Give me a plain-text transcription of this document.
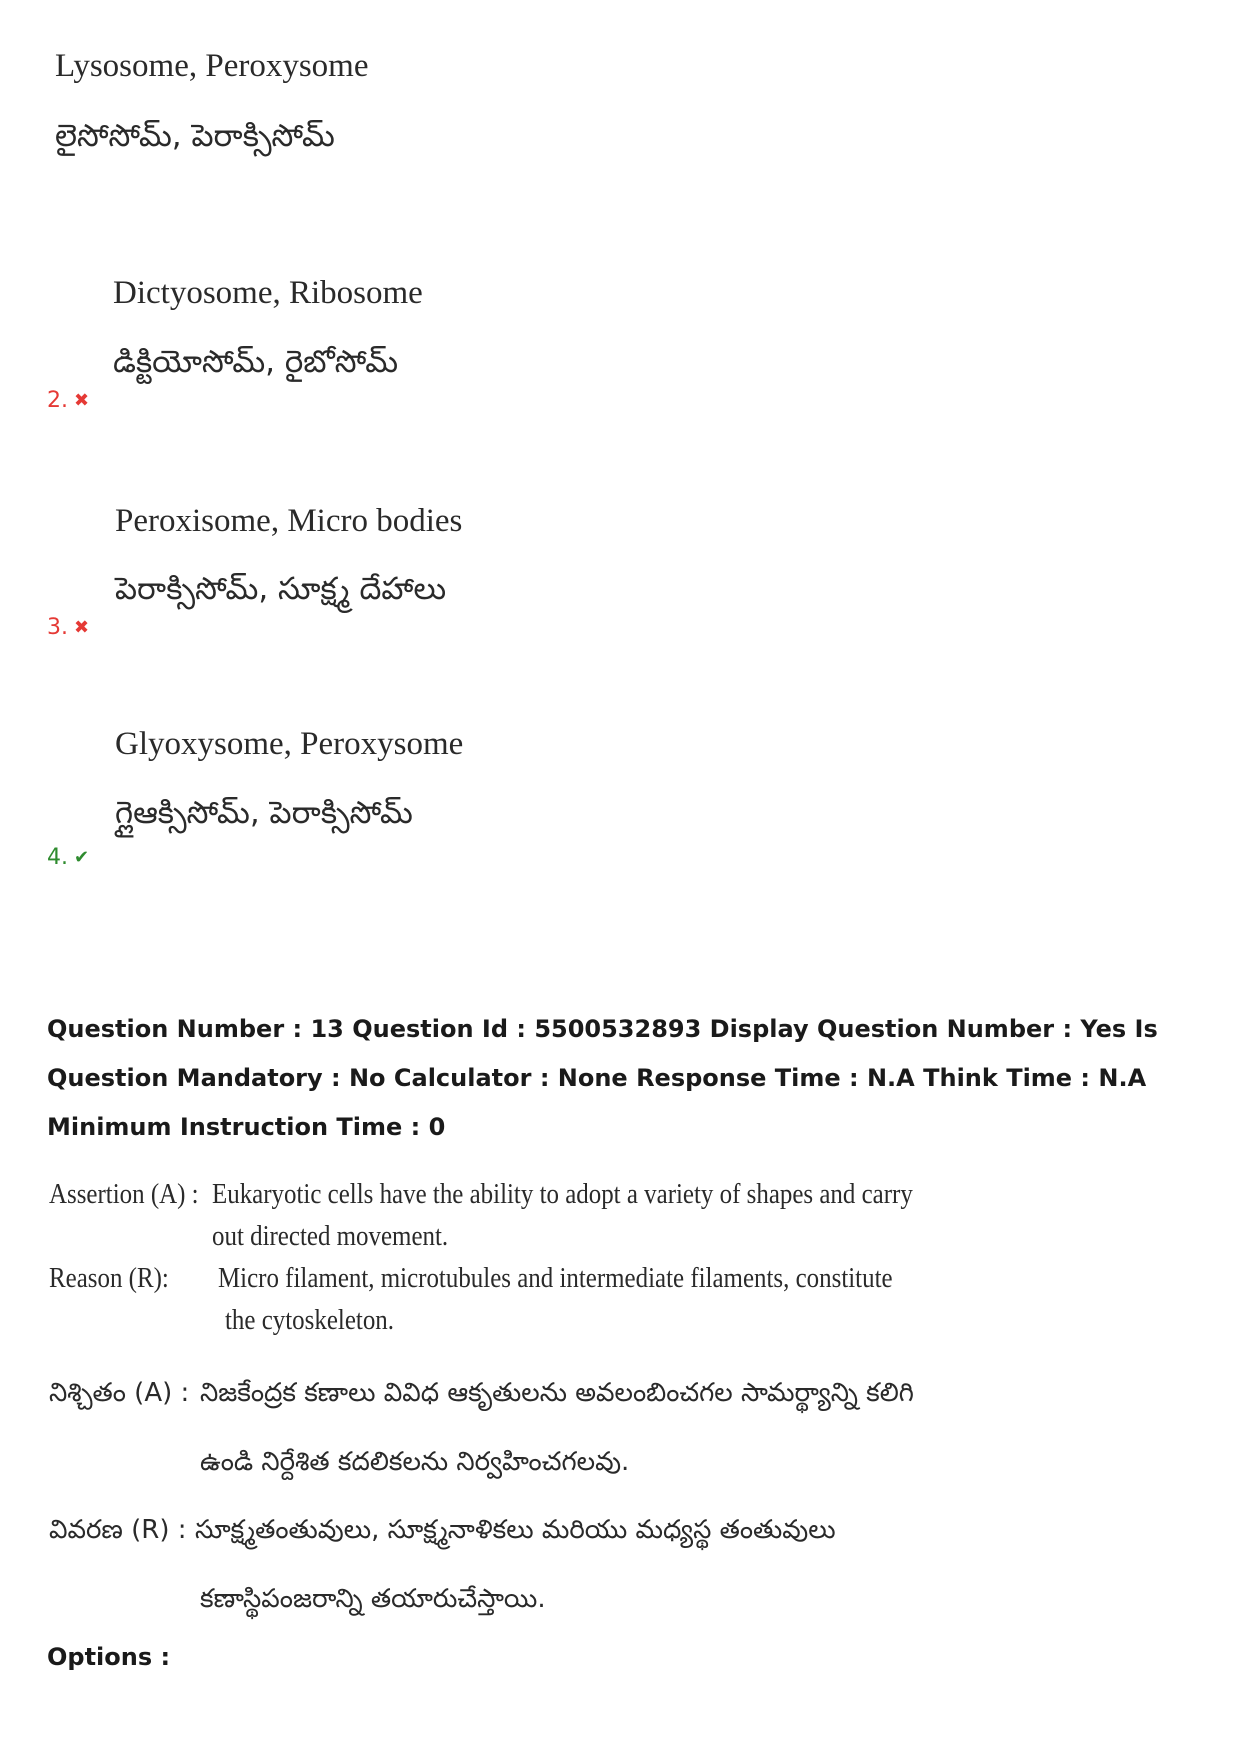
Lysosome, Peroxysome
లైసోసోమ్, పెరాక్సిసోమ్
Dictyosome, Ribosome
డిక్టియోసోమ్, రైబోసోమ్
2. ✖
Peroxisome, Micro bodies
పెరాక్సిసోమ్, సూక్ష్మ దేహాలు
3. ✖
Glyoxysome, Peroxysome
గ్లైఆక్సిసోమ్, పెరాక్సిసోమ్
4. ✔
Question Number : 13 Question Id : 5500532893 Display Question Number : Yes Is Question Mandatory : No Calculator : None Response Time : N.A Think Time : N.A Minimum Instruction Time : 0
Assertion (A) : Eukaryotic cells have the ability to adopt a variety of shapes and carry
out directed movement.
Reason (R): Micro filament, microtubules and intermediate filaments, constitute
the cytoskeleton.
నిశ్చితం (A) : నిజకేంద్రక కణాలు వివిధ ఆకృతులను అవలంబించగల సామర్థ్యాన్ని కలిగి
ఉండి నిర్దేశిత కదలికలను నిర్వహించగలవు.
వివరణ (R) : సూక్ష్మతంతువులు, సూక్ష్మనాళికలు మరియు మధ్యస్థ తంతువులు
కణాస్థిపంజరాన్ని తయారుచేస్తాయి.
Options :
